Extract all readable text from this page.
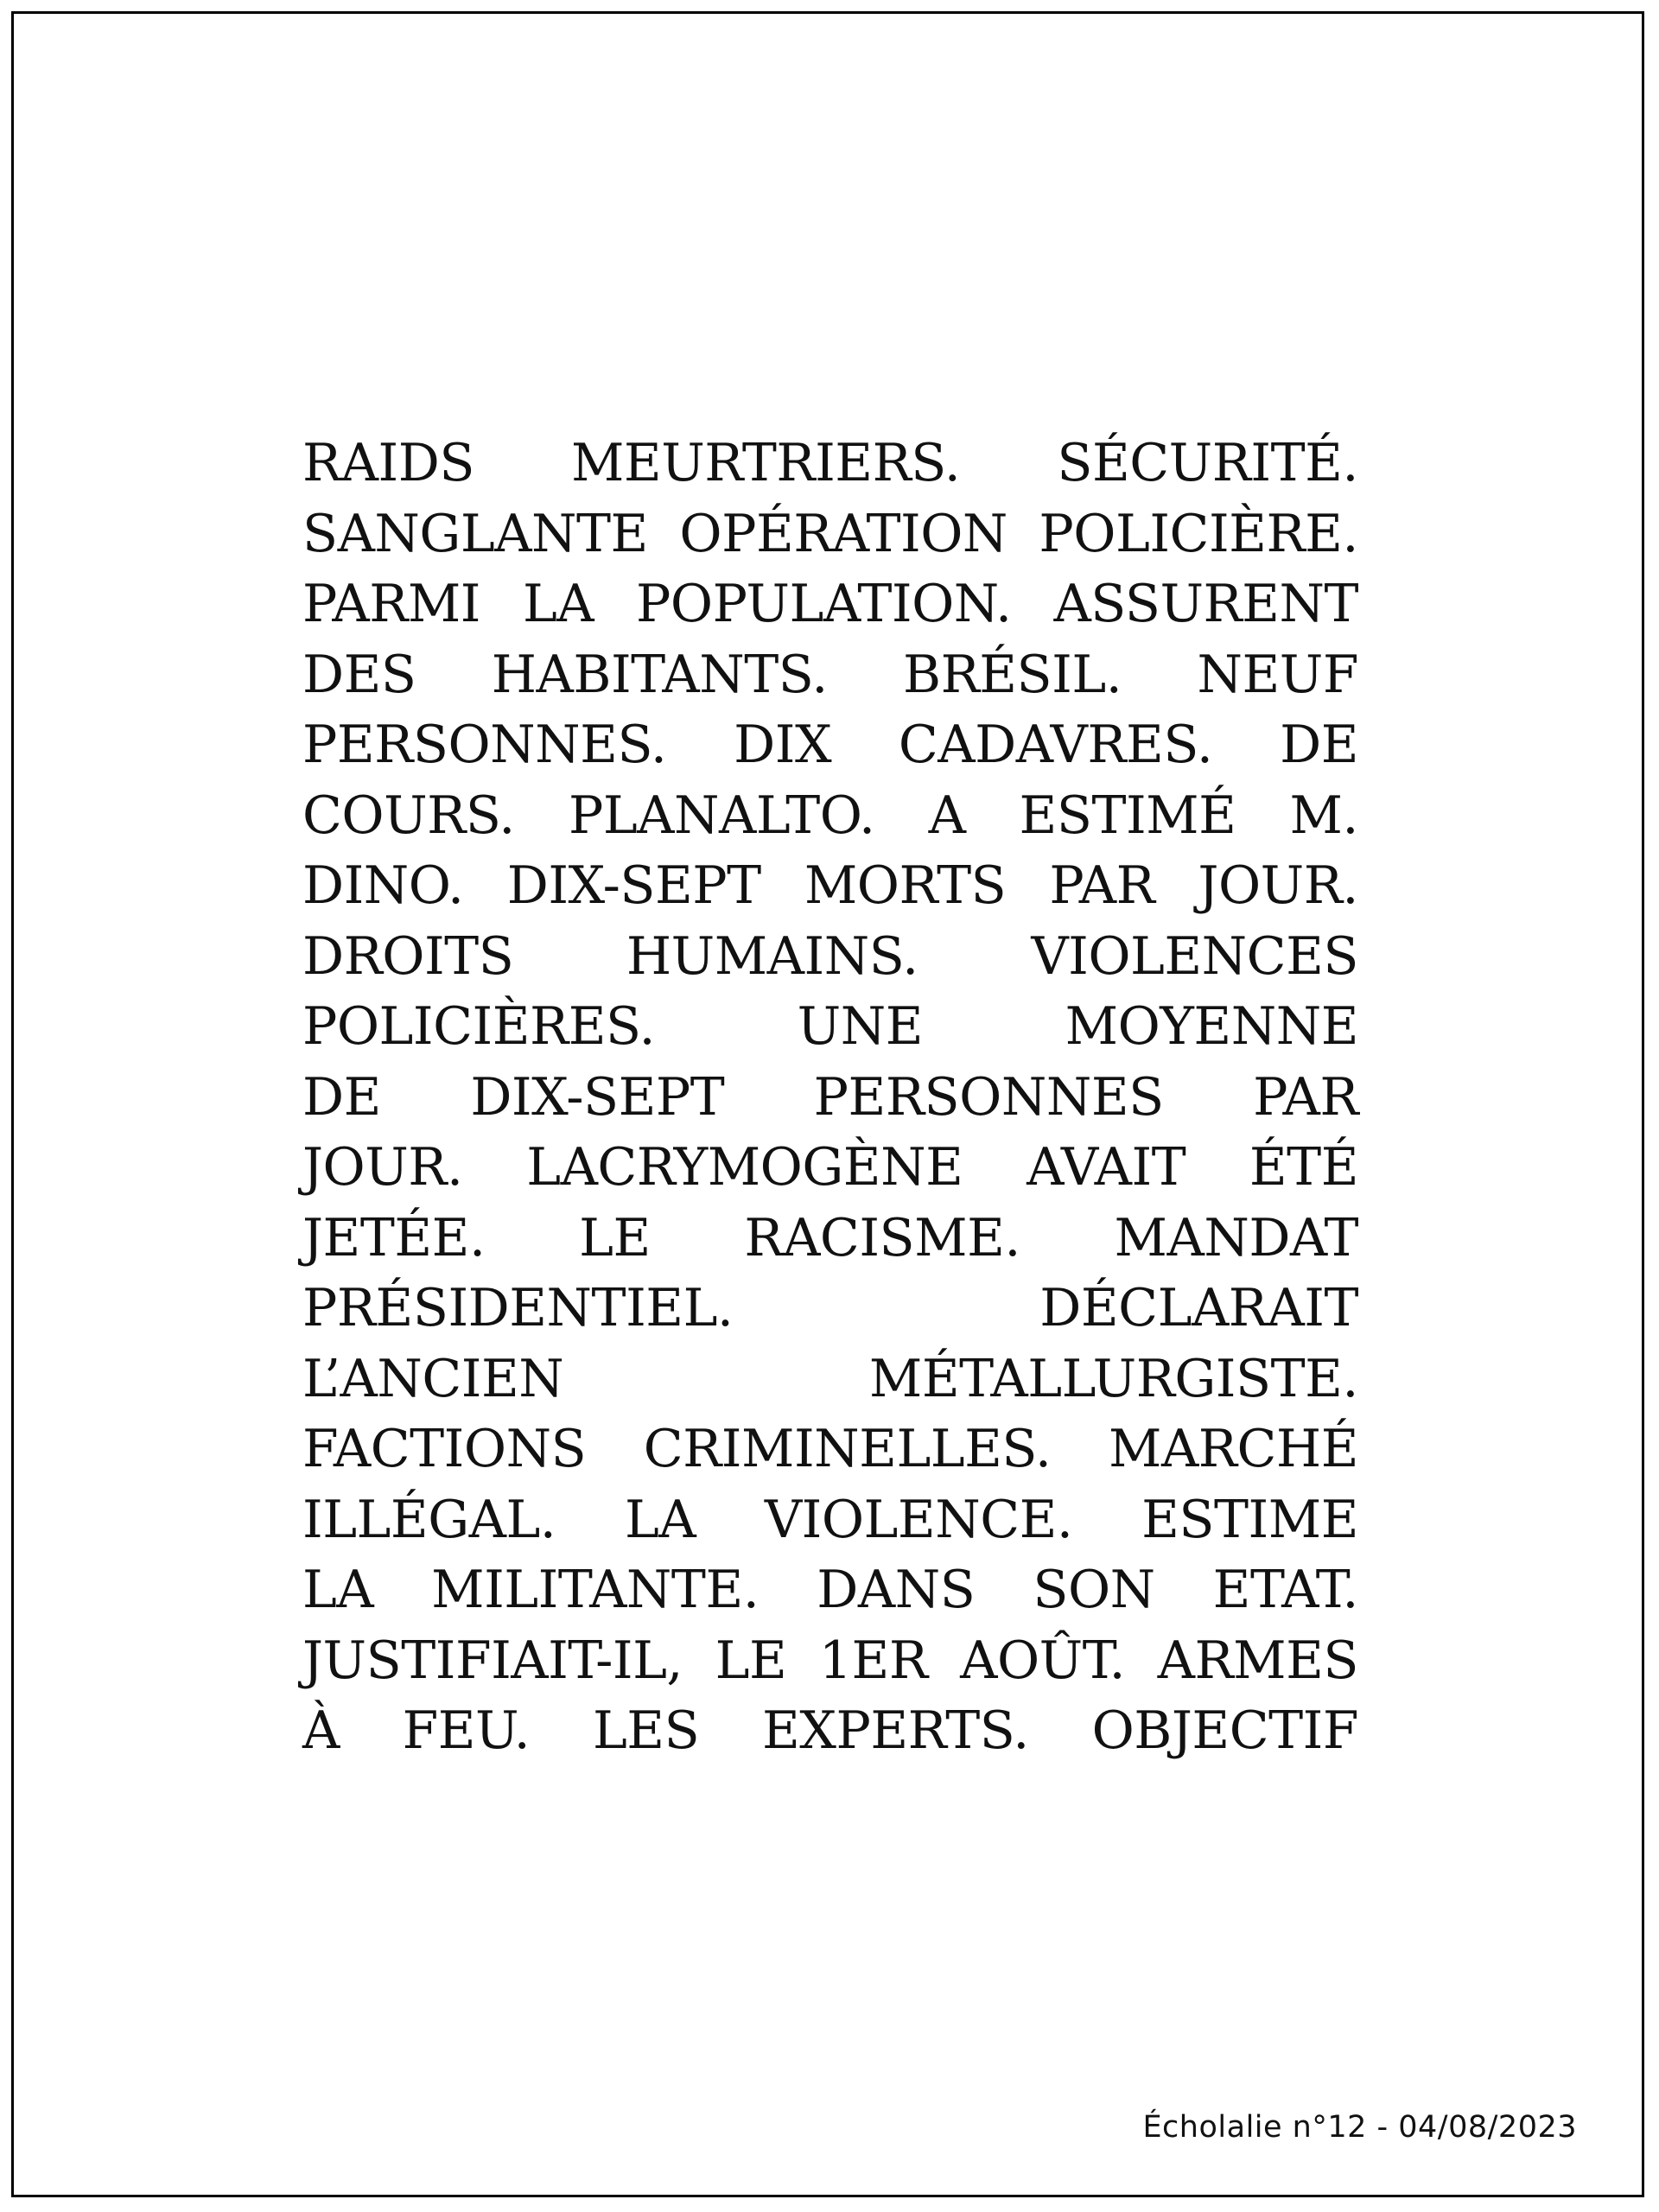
RAIDS MEURTRIERS. SÉCURITÉ.
SANGLANTE OPÉRATION POLICIÈRE.
PARMI LA POPULATION. ASSURENT
DES HABITANTS. BRÉSIL. NEUF
PERSONNES. DIX CADAVRES. DE
COURS. PLANALTO. A ESTIMÉ M.
DINO. DIX-SEPT MORTS PAR JOUR.
DROITS HUMAINS. VIOLENCES
POLICIÈRES. UNE MOYENNE
DE DIX-SEPT PERSONNES PAR
JOUR. LACRYMOGÈNE AVAIT ÉTÉ
JETÉE. LE RACISME. MANDAT
PRÉSIDENTIEL. DÉCLARAIT
L’ANCIEN MÉTALLURGISTE.
FACTIONS CRIMINELLES. MARCHÉ
ILLÉGAL. LA VIOLENCE. ESTIME
LA MILITANTE. DANS SON ETAT.
JUSTIFIAIT-IL, LE 1ER AOÛT. ARMES
À FEU. LES EXPERTS. OBJECTIF
Écholalie n°12 - 04/08/2023
